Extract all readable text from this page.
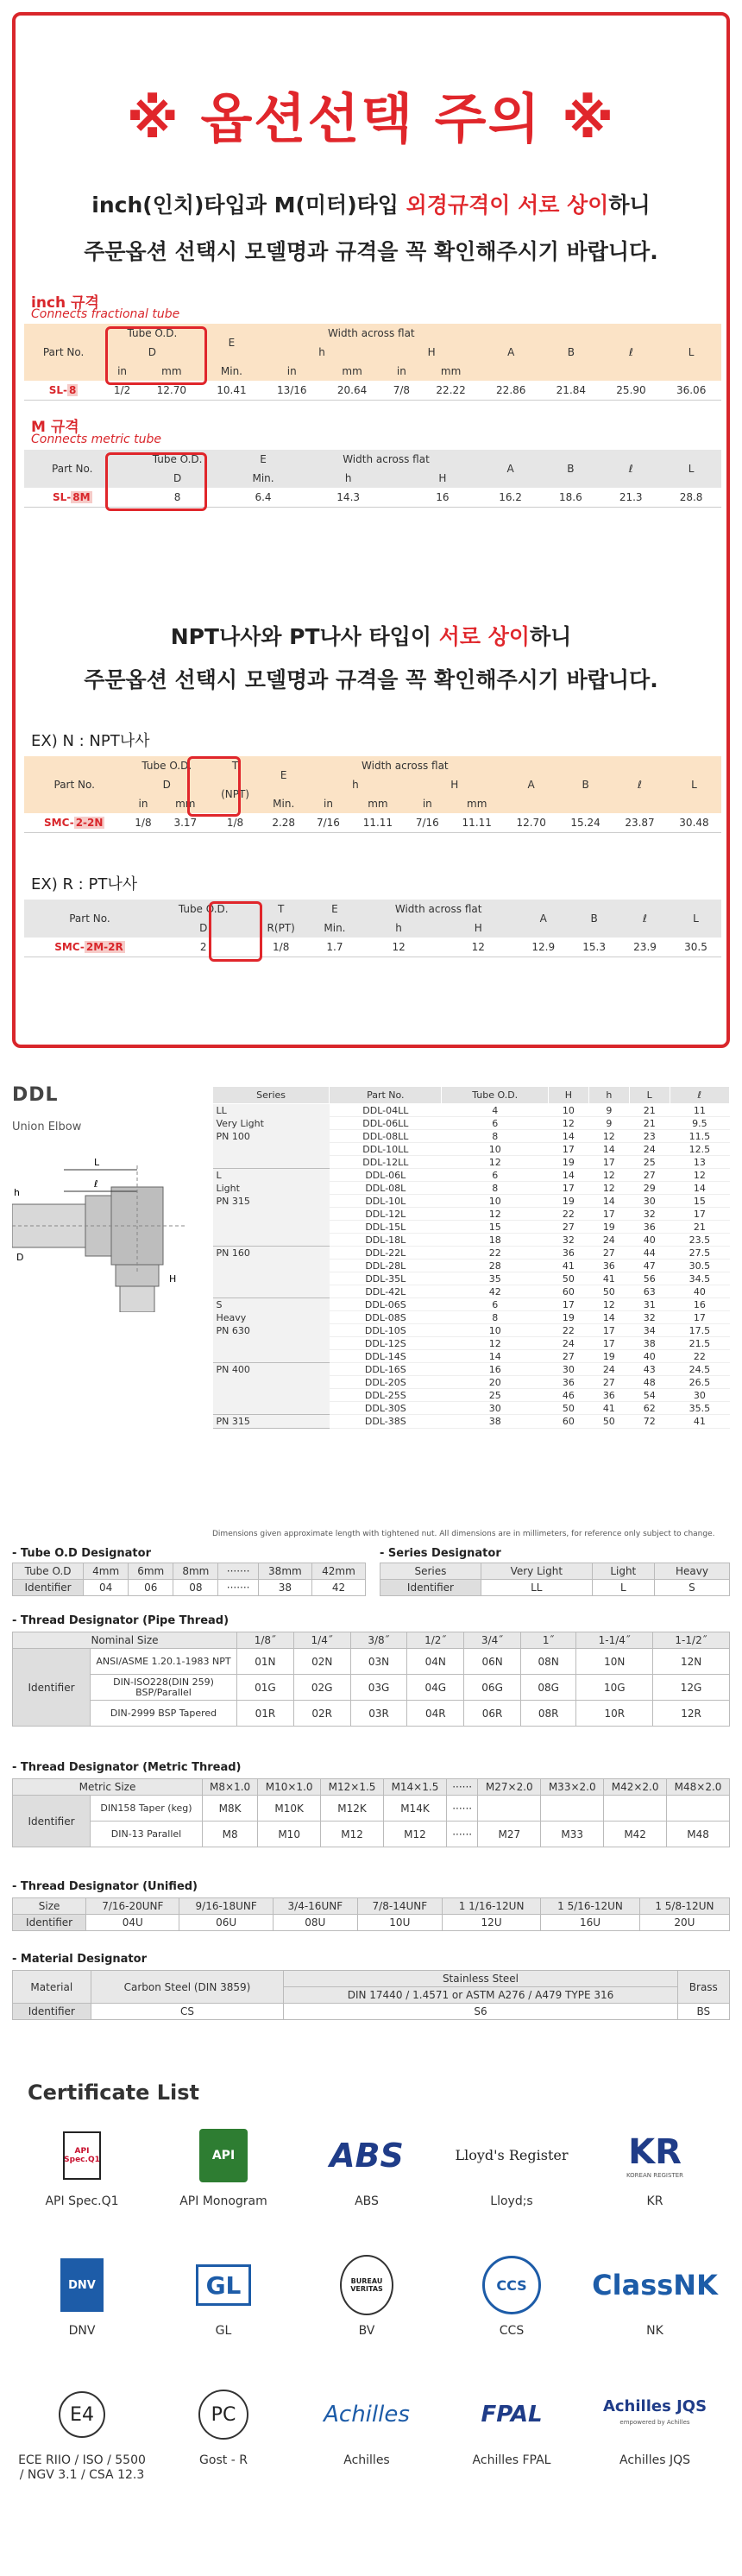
※ 옵션선택 주의 ※
inch(인치)타입과 M(미터)타입 외경규격이 서로 상이하니
주문옵션 선택시 모델명과 규격을 꼭 확인해주시기 바랍니다.
inch 규격
Connects fractional tube
Part No.	Tube O.D.		E	Width across flat				A	B	ℓ	L
	D			h		H					
	in	mm	Min.	in	mm	in	mm				
SL- 8	1/2	12.70	10.41	13/16	20.64	7/8	22.22	22.86	21.84	25.90	36.06
M 규격
Connects metric tube
Part No.	Tube O.D.	E	Width across flat		A	B	ℓ	L
	D		h	H				
		Min.						
SL- 8M	8	6.4	14.3	16	16.2	18.6	21.3	28.8
NPT나사와 PT나사 타입이 서로 상이하니
주문옵션 선택시 모델명과 규격을 꼭 확인해주시기 바랍니다.
EX) N : NPT나사
Part No.	Tube O.D.		T	E	Width across flat				A	B	ℓ	L
	D		(NPT)		h		H					
	in	mm		Min.	in	mm	in	mm				
SMC- 2-2N	1/8	3.17	1/8	2.28	7/16	11.11	7/16	11.11	12.70	15.24	23.87	30.48
EX) R : PT나사
Part No.	Tube O.D.	T	E	Width across flat		A	B	ℓ	L
	D	R(PT)		h	H				
			Min.						
SMC- 2M-2R	2	1/8	1.7	12	12	12.9	15.3	23.9	30.5
DDL
Union Elbow
ℓ
L
h
H
D
Series	Part No.	Tube O.D.	H	h	L	ℓ
LL
Very Light
PN 100	DDL-04LL	4	10	9	21	11
	DDL-06LL	6	12	9	21	9.5
	DDL-08LL	8	14	12	23	11.5
	DDL-10LL	10	17	14	24	12.5
	DDL-12LL	12	19	17	25	13
L
Light
PN 315	DDL-06L	6	14	12	27	12
	DDL-08L	8	17	12	29	14
	DDL-10L	10	19	14	30	15
	DDL-12L	12	22	17	32	17
	DDL-15L	15	27	19	36	21
	DDL-18L	18	32	24	40	23.5
PN 160	DDL-22L	22	36	27	44	27.5
	DDL-28L	28	41	36	47	30.5
	DDL-35L	35	50	41	56	34.5
	DDL-42L	42	60	50	63	40
S
Heavy
PN 630	DDL-06S	6	17	12	31	16
	DDL-08S	8	19	14	32	17
	DDL-10S	10	22	17	34	17.5
	DDL-12S	12	24	17	38	21.5
	DDL-14S	14	27	19	40	22
PN 400	DDL-16S	16	30	24	43	24.5
	DDL-20S	20	36	27	48	26.5
	DDL-25S	25	46	36	54	30
	DDL-30S	30	50	41	62	35.5
PN 315	DDL-38S	38	60	50	72	41
Dimensions given approximate length with tightened nut. All dimensions are in millimeters, for reference only subject to change.
- Tube O.D Designator
Tube O.D	4mm	6mm	8mm	·······	38mm	42mm
Identifier	04	06	08	·······	38	42
- Series Designator
Series	Very Light	Light	Heavy
Identifier	LL	L	S
- Thread Designator (Pipe Thread)
Nominal Size		1/8˝	1/4˝	3/8˝	1/2˝	3/4˝	1˝	1-1/4˝	1-1/2˝
Identifier	ANSI/ASME 1.20.1-1983 NPT	01N	02N	03N	04N	06N	08N	10N	12N
	DIN-ISO228(DIN 259) BSP/Parallel	01G	02G	03G	04G	06G	08G	10G	12G
	DIN-2999 BSP Tapered	01R	02R	03R	04R	06R	08R	10R	12R
- Thread Designator (Metric Thread)
Metric Size		M8×1.0	M10×1.0	M12×1.5	M14×1.5	······	M27×2.0	M33×2.0	M42×2.0	M48×2.0
Identifier	DIN158 Taper (keg)	M8K	M10K	M12K	M14K	······				
	DIN-13 Parallel	M8	M10	M12	M12	······	M27	M33	M42	M48
- Thread Designator (Unified)
Size	7/16-20UNF	9/16-18UNF	3/4-16UNF	7/8-14UNF	1 1/16-12UN	1 5/16-12UN	1 5/8-12UN
Identifier	04U	06U	08U	10U	12U	16U	20U
- Material Designator
Material	Carbon Steel (DIN 3859)	Stainless Steel	Brass
		DIN 17440 / 1.4571 or ASTM A276 / A479 TYPE 316	
Identifier	CS	S6	BS
Certificate List
API Spec.Q1
API Spec.Q1
API
API Monogram
ABS
ABS
Lloyd's Register
Lloyd;s
KR
KOREAN REGISTER
KR
DNV
DNV
GL
GL
BUREAU VERITAS
BV
CCS
CCS
ClassNK
NK
E4
ECE RIIO / ISO / 5500 / NGV 3.1 / CSA 12.3
PC
Gost - R
Achilles
Achilles
FPAL
Achilles FPAL
Achilles JQS
empowered by Achilles
Achilles JQS
